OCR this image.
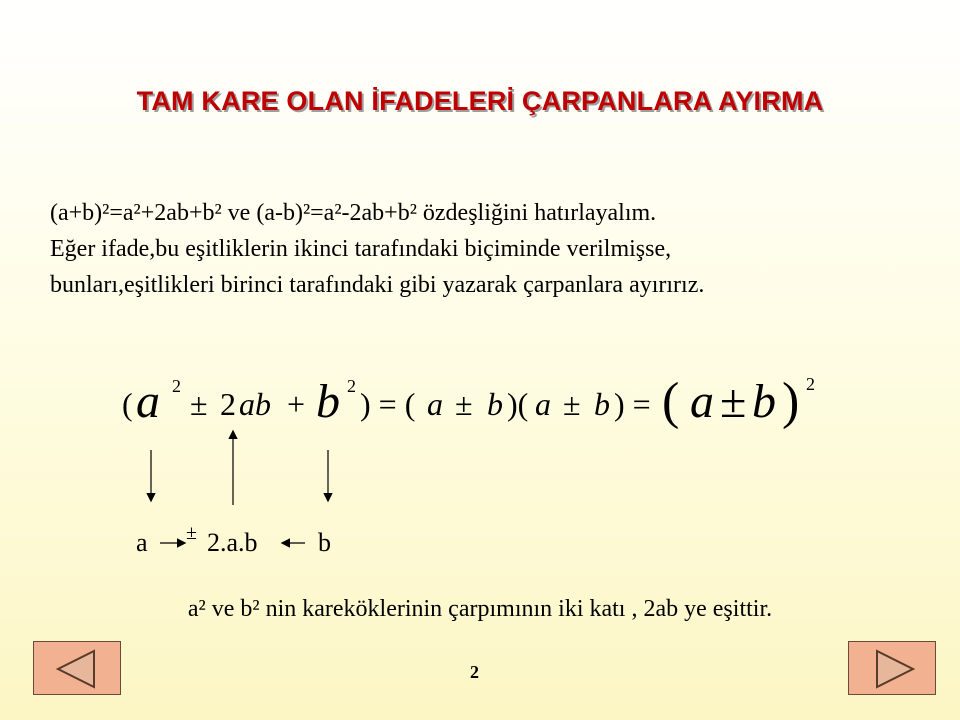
TAM KARE OLAN İFADELERİ ÇARPANLARA AYIRMA
(a+b)²=a²+2ab+b² ve (a-b)²=a²-2ab+b² özdeşliğini hatırlayalım.
Eğer ifade,bu eşitliklerin ikinci tarafındaki biçiminde verilmişse,
bunları,eşitlikleri birinci tarafındaki gibi yazarak çarpanlara ayırırız.
( a 2 ± 2 ab + b 2 ) = ( a ± b )( a ± b ) = ( a ± b ) 2
a ± 2.a.b b
a² ve b² nin kareköklerinin çarpımının iki katı , 2ab ye eşittir.
2
